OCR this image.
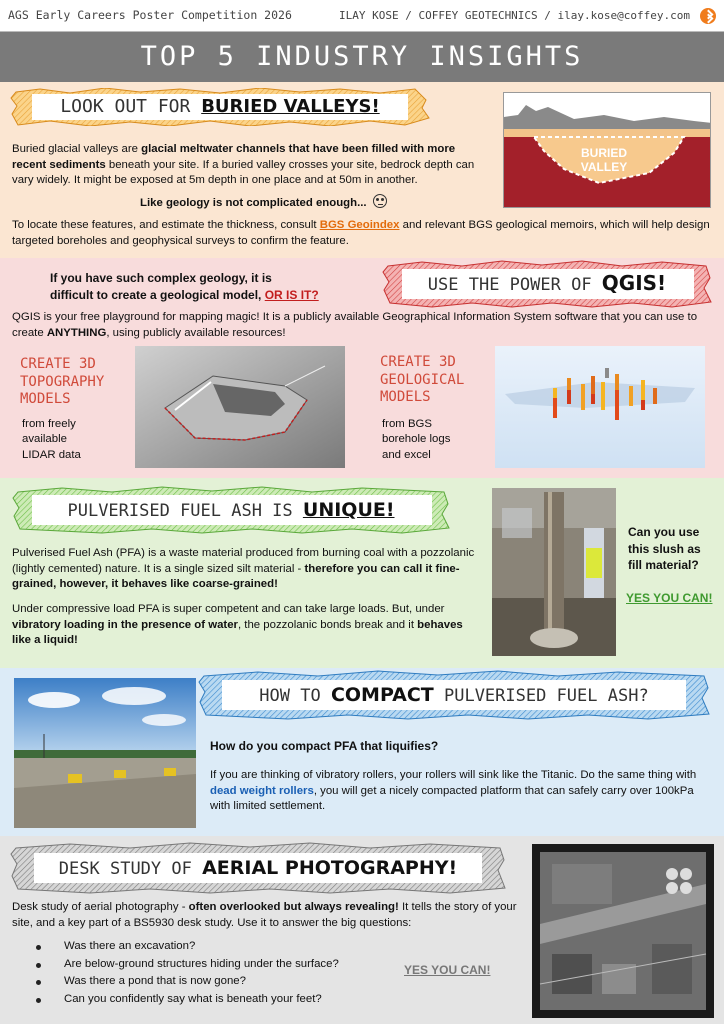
AGS Early Careers Poster Competition 2026	ILAY KOSE / COFFEY GEOTECHNICS / ilay.kose@coffey.com
TOP 5 INDUSTRY INSIGHTS
LOOK OUT FOR BURIED VALLEYS!
BURIED
VALLEY
Buried glacial valleys are glacial meltwater channels that have been filled with more recent sediments beneath your site. If a buried valley crosses your site, bedrock depth can vary widely. It might be exposed at 5m depth in one place and at 50m in another.
Like geology is not complicated enough...
To locate these features, and estimate the thickness, consult BGS Geoindex and relevant BGS geological memoirs, which will help design targeted boreholes and geophysical surveys to confirm the feature.
If you have such complex geology, it is
difficult to create a geological model, OR IS IT?	USE THE POWER OF QGIS!
QGIS is your free playground for mapping magic! It is a publicly available Geographical Information System software that you can use to create ANYTHING, using publicly available resources!
CREATE 3D
TOPOGRAPHY
MODELS
from freely
available
LIDAR data
CREATE 3D
GEOLOGICAL
MODELS
from BGS
borehole logs
and excel
PULVERISED FUEL ASH IS UNIQUE!
Pulverised Fuel Ash (PFA) is a waste material produced from burning coal with a pozzolanic (lightly cemented) nature. It is a single sized silt material - therefore you can call it fine-grained, however, it behaves like coarse-grained!
Under compressive load PFA is super competent and can take large loads. But, under vibratory loading in the presence of water, the pozzolanic bonds break and it behaves like a liquid!
Can you use
this slush as
fill material?
YES YOU CAN!
HOW TO COMPACT PULVERISED FUEL ASH?
How do you compact PFA that liquifies?
If you are thinking of vibratory rollers, your rollers will sink like the Titanic. Do the same thing with dead weight rollers, you will get a nicely compacted platform that can safely carry over 100kPa with limited settlement.
DESK STUDY OF AERIAL PHOTOGRAPHY!
Desk study of aerial photography - often overlooked but always revealing! It tells the story of your site, and a key part of a BS5930 desk study. Use it to answer the big questions:
Was there an excavation?
Are below-ground structures hiding under the surface?
Was there a pond that is now gone?
Can you confidently say what is beneath your feet?
YES YOU CAN!
